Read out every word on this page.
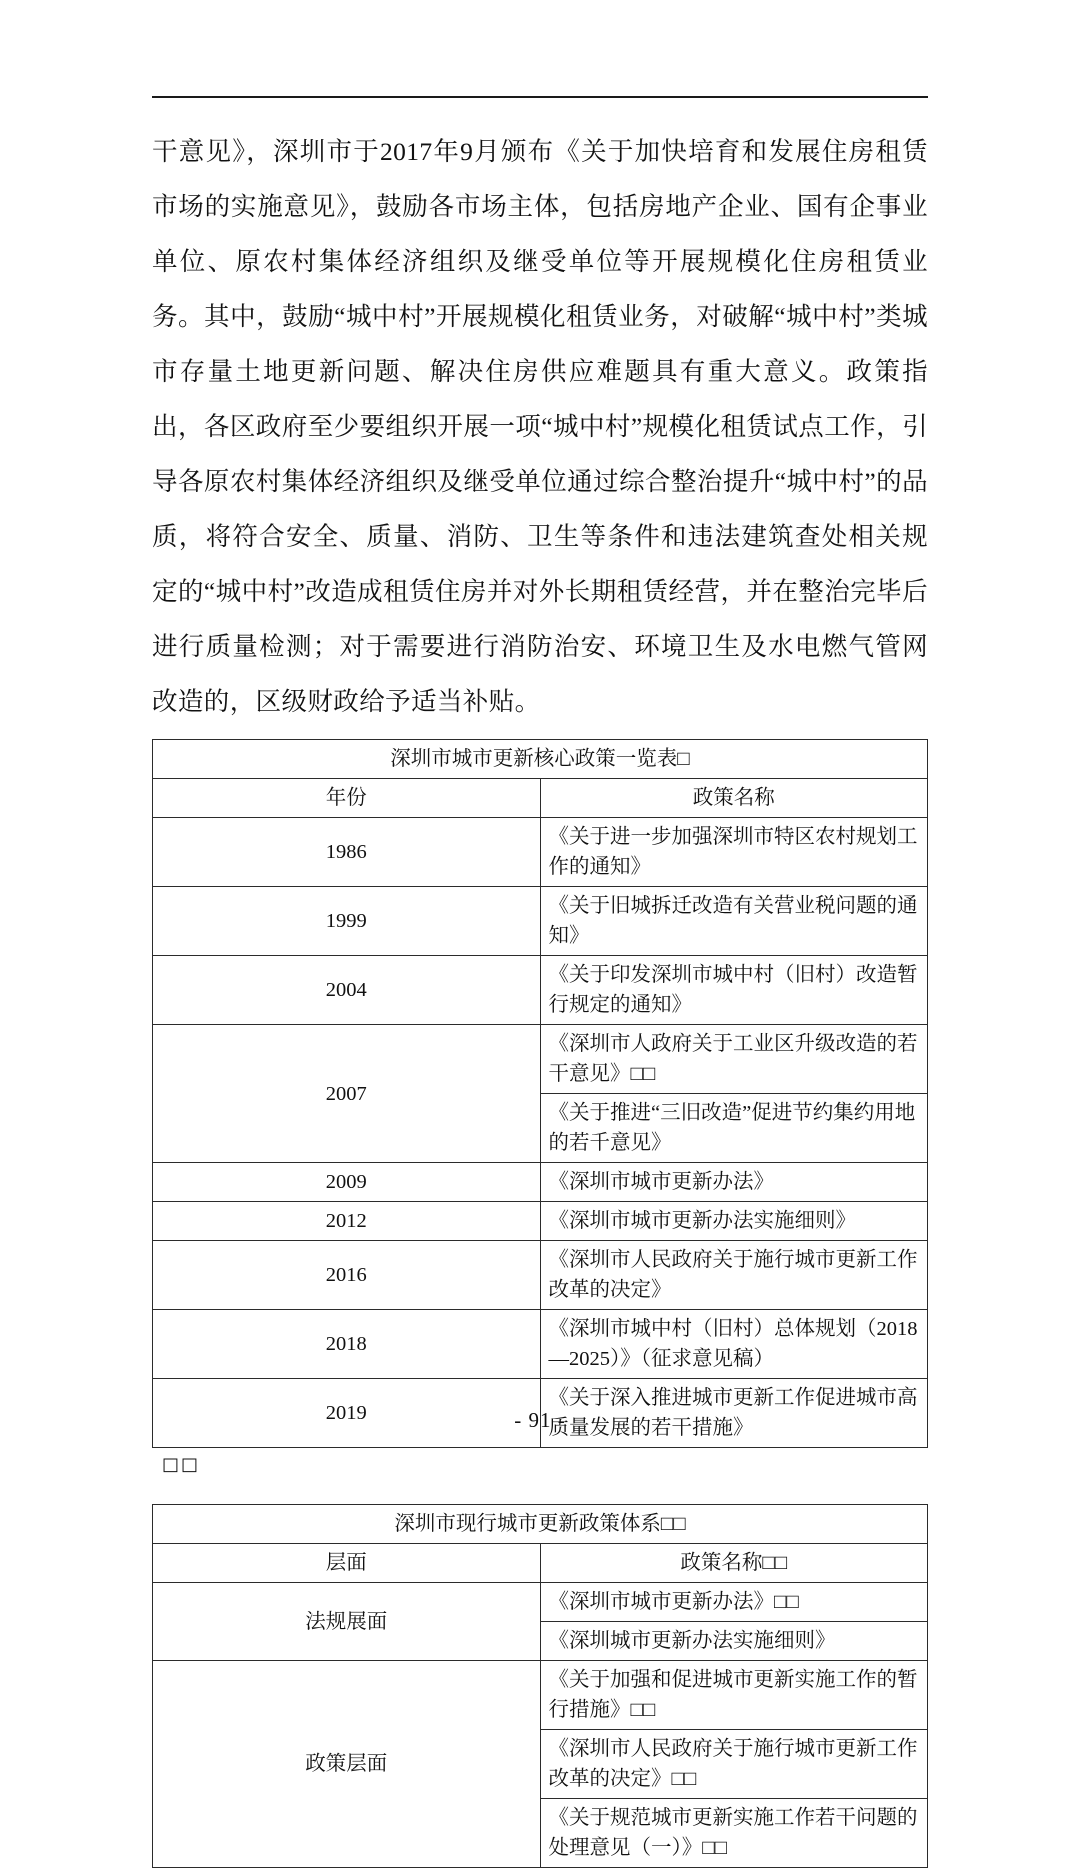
干意见》，深圳市于2017年9月颁布《关于加快培育和发展住房租赁市场的实施意见》，鼓励各市场主体，包括房地产企业、国有企事业单位、原农村集体经济组织及继受单位等开展规模化住房租赁业务。其中，鼓励“城中村”开展规模化租赁业务，对破解“城中村”类城市存量土地更新问题、解决住房供应难题具有重大意义。政策指出，各区政府至少要组织开展一项“城中村”规模化租赁试点工作，引导各原农村集体经济组织及继受单位通过综合整治提升“城中村”的品质，将符合安全、质量、消防、卫生等条件和违法建筑查处相关规定的“城中村”改造成租赁住房并对外长期租赁经营，并在整治完毕后进行质量检测；对于需要进行消防治安、环境卫生及水电燃气管网改造的，区级财政给予适当补贴。

深圳市城市更新核心政策一览表□	
年份	政策名称
1986	《关于进一步加强深圳市特区农村规划工作的通知》
1999	《关于旧城拆迁改造有关营业税问题的通知》
2004	《关于印发深圳市城中村（旧村）改造暂行规定的通知》
2007	《深圳市人政府关于工业区升级改造的若干意见》□□
	《关于推进“三旧改造”促进节约集约用地的若千意见》
2009	《深圳市城市更新办法》
2012	《深圳市城市更新办法实施细则》
2016	《深圳市人民政府关于施行城市更新工作改革的决定》
2018	《深圳市城中村（旧村）总体规划（2018—2025）》（征求意见稿）
2019	《关于深入推进城市更新工作促进城市高质量发展的若干措施》
□□
深圳市现行城市更新政策体系□□	
层面	政策名称□□
法规展面	《深圳市城市更新办法》□□
	《深圳城市更新办法实施细则》
政策层面	《关于加强和促进城市更新实施工作的暂行措施》□□
	《深圳市人民政府关于施行城市更新工作改革的决定》□□
	《关于规范城市更新实施工作若干问题的处理意见（一）》□□
- 91 -
